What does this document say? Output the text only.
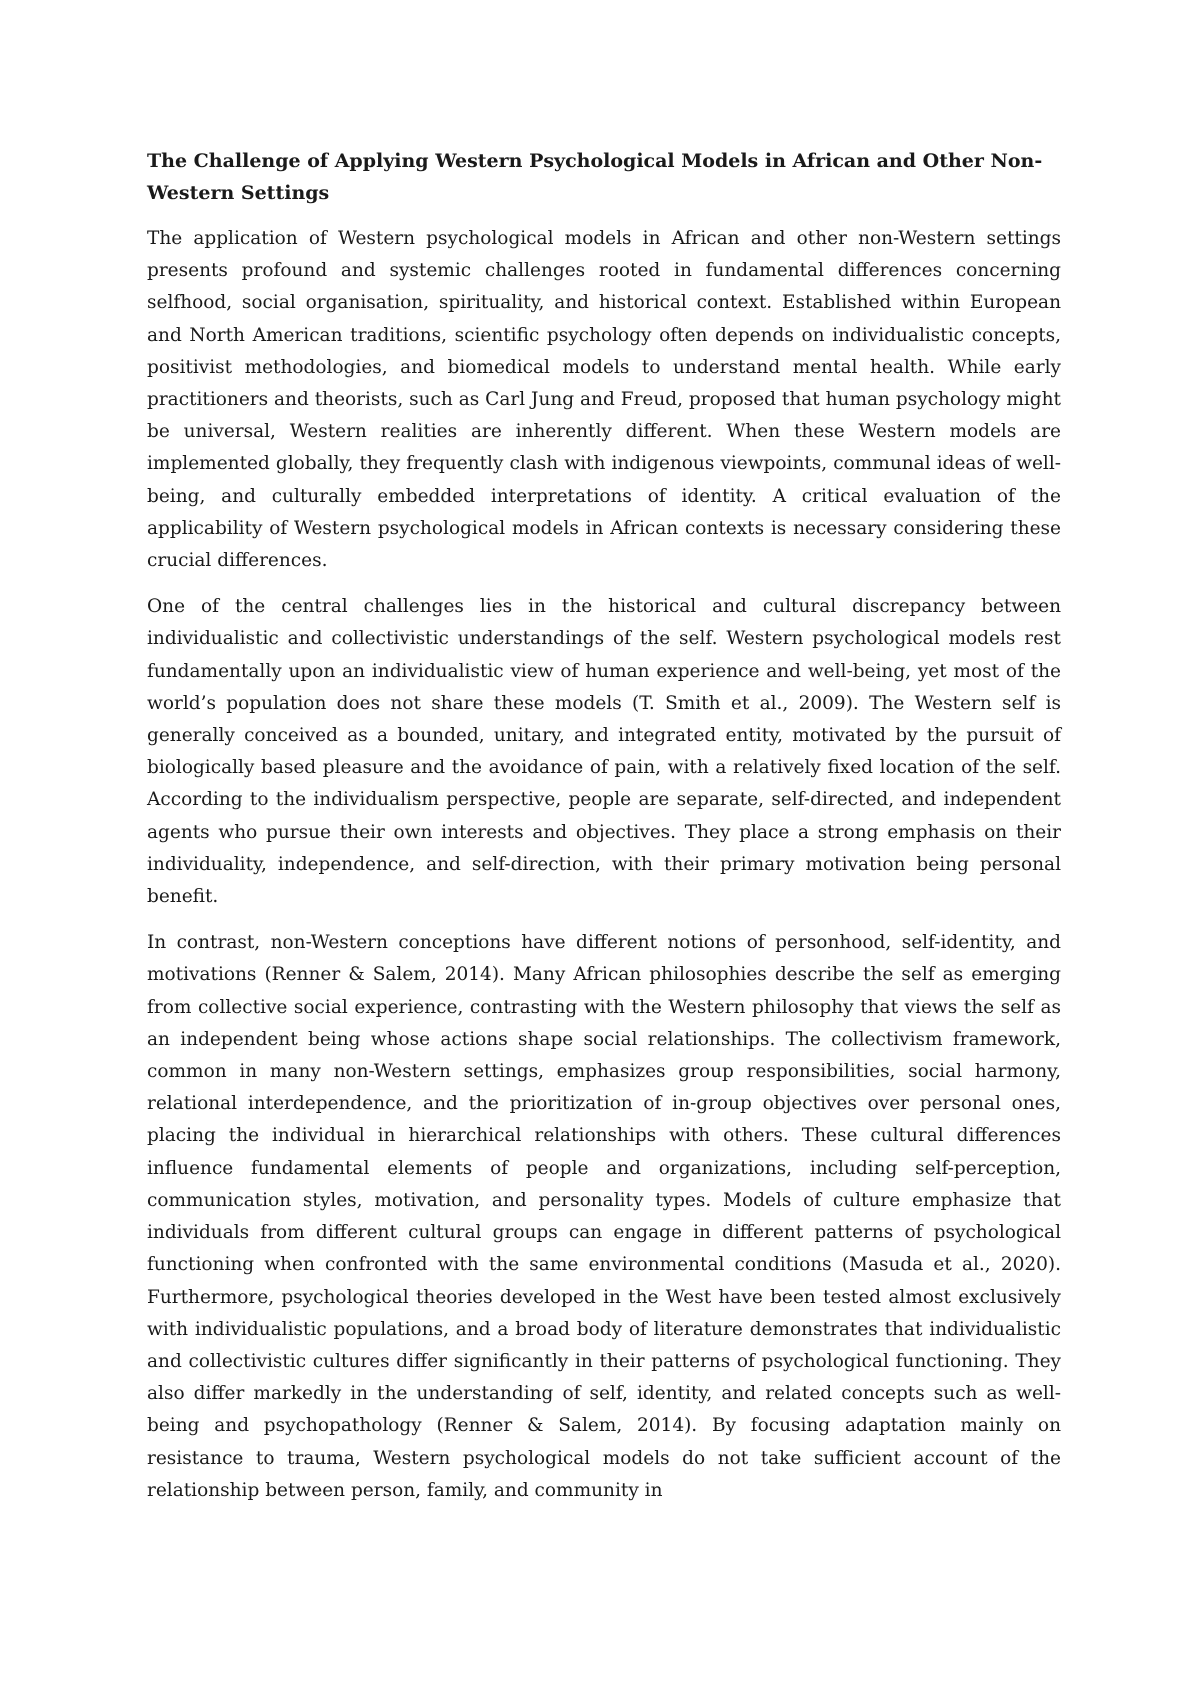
The Challenge of Applying Western Psychological Models in African and Other Non-Western Settings

The application of Western psychological models in African and other non-Western settings presents profound and systemic challenges rooted in fundamental differences concerning selfhood, social organisation, spirituality, and historical context. Established within European and North American traditions, scientific psychology often depends on individualistic concepts, positivist methodologies, and biomedical models to understand mental health. While early practitioners and theorists, such as Carl Jung and Freud, proposed that human psychology might be universal, Western realities are inherently different. When these Western models are implemented globally, they frequently clash with indigenous viewpoints, communal ideas of well-being, and culturally embedded interpretations of identity. A critical evaluation of the applicability of Western psychological models in African contexts is necessary considering these crucial differences.

One of the central challenges lies in the historical and cultural discrepancy between individualistic and collectivistic understandings of the self. Western psychological models rest fundamentally upon an individualistic view of human experience and well-being, yet most of the world’s population does not share these models (T. Smith et al., 2009). The Western self is generally conceived as a bounded, unitary, and integrated entity, motivated by the pursuit of biologically based pleasure and the avoidance of pain, with a relatively fixed location of the self. According to the individualism perspective, people are separate, self-directed, and independent agents who pursue their own interests and objectives. They place a strong emphasis on their individuality, independence, and self-direction, with their primary motivation being personal benefit.

In contrast, non-Western conceptions have different notions of personhood, self-identity, and motivations (Renner & Salem, 2014). Many African philosophies describe the self as emerging from collective social experience, contrasting with the Western philosophy that views the self as an independent being whose actions shape social relationships. The collectivism framework, common in many non-Western settings, emphasizes group responsibilities, social harmony, relational interdependence, and the prioritization of in-group objectives over personal ones, placing the individual in hierarchical relationships with others. These cultural differences influence fundamental elements of people and organizations, including self-perception, communication styles, motivation, and personality types. Models of culture emphasize that individuals from different cultural groups can engage in different patterns of psychological functioning when confronted with the same environmental conditions (Masuda et al., 2020). Furthermore, psychological theories developed in the West have been tested almost exclusively with individualistic populations, and a broad body of literature demonstrates that individualistic and collectivistic cultures differ significantly in their patterns of psychological functioning. They also differ markedly in the understanding of self, identity, and related concepts such as well-being and psychopathology (Renner & Salem, 2014). By focusing adaptation mainly on resistance to trauma, Western psychological models do not take sufficient account of the relationship between person, family, and community in
